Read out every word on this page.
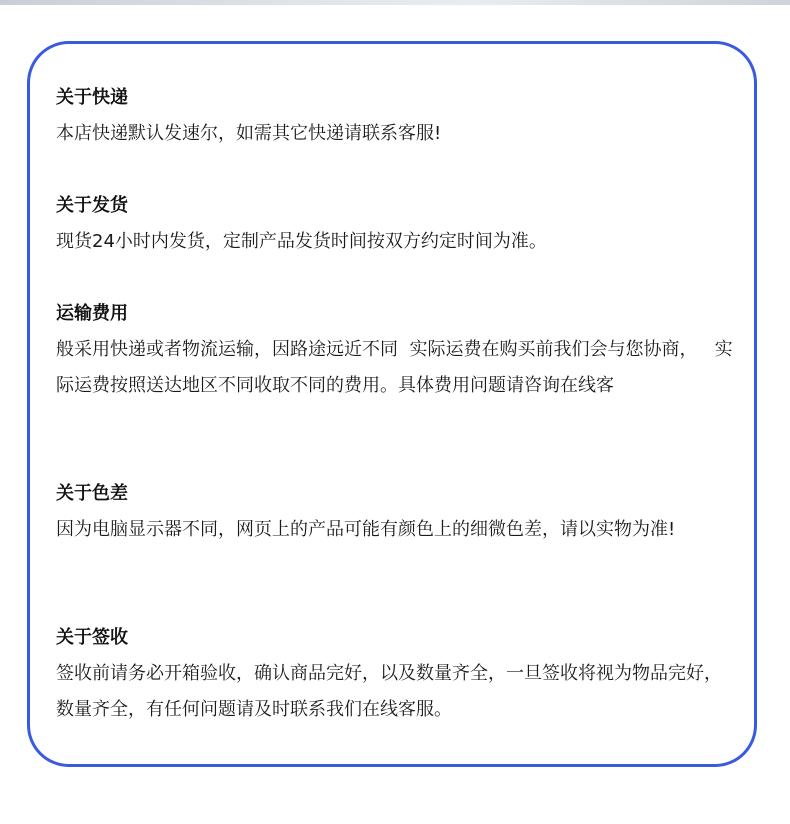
关于快递
本店快递默认发速尔，如需其它快递请联系客服!
关于发货
现货24小时内发货，定制产品发货时间按双方约定时间为准。
运输费用
般采用快递或者物流运输，因路途远近不同  实际运费在购买前我们会与您协商，   实际运费按照送达地区不同收取不同的费用。具体费用问题请咨询在线客
关于色差
因为电脑显示器不同，网页上的产品可能有颜色上的细微色差，请以实物为准!
关于签收
签收前请务必开箱验收，确认商品完好，以及数量齐全，一旦签收将视为物品完好，数量齐全，有任何问题请及时联系我们在线客服。
